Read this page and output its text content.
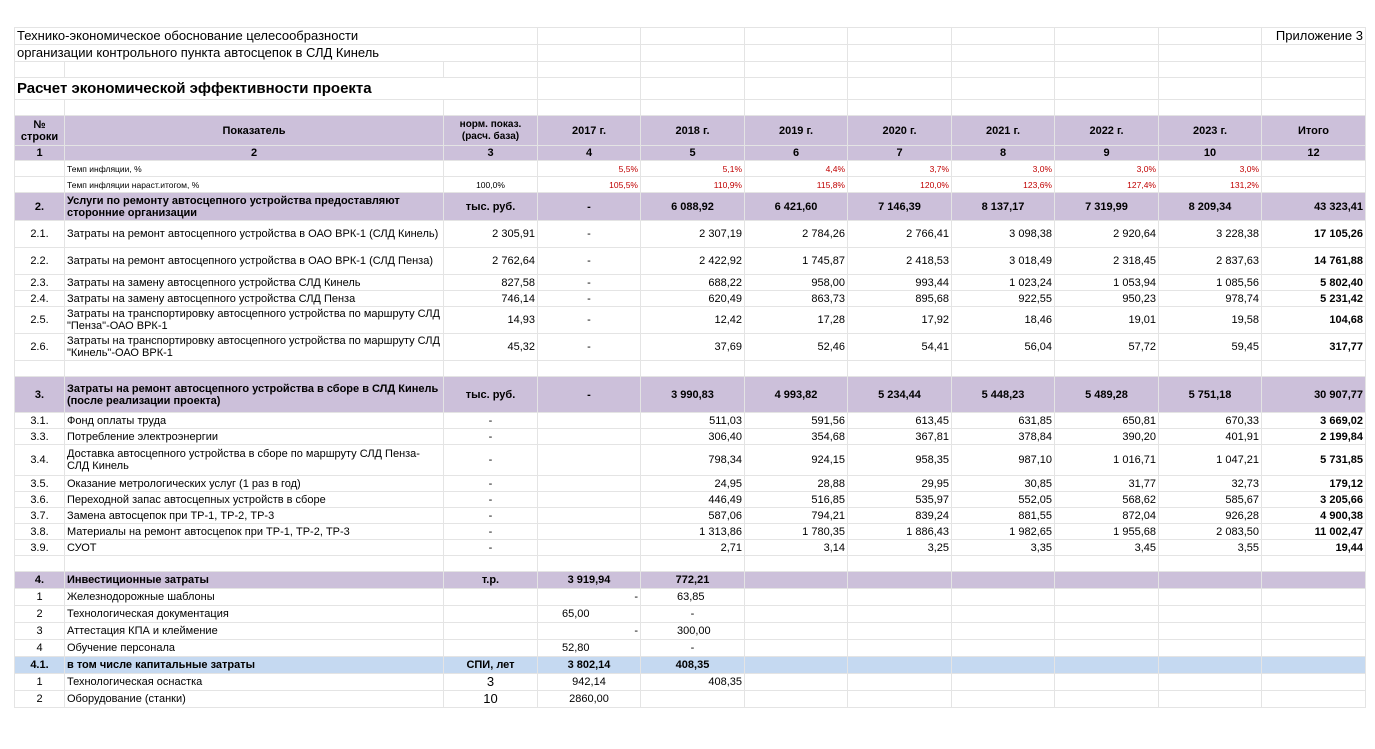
Технико-экономическое обоснование целесообразности										Приложение 3
организации контрольного пункта автосцепок в СЛД Кинель										

Расчет экономической эффективности проекта										

№ строки	Показатель	норм. показ. (расч. база)	2017 г.	2018 г.	2019 г.	2020 г.	2021 г.	2022 г.	2023 г.	Итого
1	2	3	4	5	6	7	8	9	10	12
	Темп инфляции, %		5,5%	5,1%	4,4%	3,7%	3,0%	3,0%	3,0%	
	Темп инфляции нараст.итогом, %	100,0%	105,5%	110,9%	115,8%	120,0%	123,6%	127,4%	131,2%	
2.	Услуги по ремонту автосцепного устройства предоставляют сторонние организации	тыс. руб.	-	6 088,92	6 421,60	7 146,39	8 137,17	7 319,99	8 209,34	43 323,41
2.1.	Затраты на ремонт автосцепного устройства в ОАО ВРК-1 (СЛД Кинель)	2 305,91	-	2 307,19	2 784,26	2 766,41	3 098,38	2 920,64	3 228,38	17 105,26
2.2.	Затраты на ремонт автосцепного устройства в ОАО ВРК-1 (СЛД Пенза)	2 762,64	-	2 422,92	1 745,87	2 418,53	3 018,49	2 318,45	2 837,63	14 761,88
2.3.	Затраты на замену автосцепного устройства СЛД Кинель	827,58	-	688,22	958,00	993,44	1 023,24	1 053,94	1 085,56	5 802,40
2.4.	Затраты на замену автосцепного устройства СЛД Пенза	746,14	-	620,49	863,73	895,68	922,55	950,23	978,74	5 231,42
2.5.	Затраты на транспортировку автосцепного устройства по маршруту СЛД "Пенза"-ОАО ВРК-1	14,93	-	12,42	17,28	17,92	18,46	19,01	19,58	104,68
2.6.	Затраты на транспортировку автосцепного устройства по маршруту СЛД "Кинель"-ОАО ВРК-1	45,32	-	37,69	52,46	54,41	56,04	57,72	59,45	317,77

3.	Затраты на ремонт автосцепного устройства в сборе в СЛД Кинель (после реализации проекта)	тыс. руб.	-	3 990,83	4 993,82	5 234,44	5 448,23	5 489,28	5 751,18	30 907,77
3.1.	Фонд оплаты труда	-		511,03	591,56	613,45	631,85	650,81	670,33	3 669,02
3.3.	Потребление электроэнергии	-		306,40	354,68	367,81	378,84	390,20	401,91	2 199,84
3.4.	Доставка автосцепного устройства в сборе по маршруту СЛД Пенза-СЛД Кинель	-		798,34	924,15	958,35	987,10	1 016,71	1 047,21	5 731,85
3.5.	Оказание метрологических услуг (1 раз в год)	-		24,95	28,88	29,95	30,85	31,77	32,73	179,12
3.6.	Переходной запас автосцепных устройств в сборе	-		446,49	516,85	535,97	552,05	568,62	585,67	3 205,66
3.7.	Замена автосцепок при ТР-1, ТР-2, ТР-3	-		587,06	794,21	839,24	881,55	872,04	926,28	4 900,38
3.8.	Материалы на ремонт автосцепок при ТР-1, ТР-2, ТР-3	-		1 313,86	1 780,35	1 886,43	1 982,65	1 955,68	2 083,50	11 002,47
3.9.	СУОТ	-		2,71	3,14	3,25	3,35	3,45	3,55	19,44

4.	Инвестиционные затраты	т.р.	3 919,94	772,21						
1	Железнодорожные шаблоны		-	63,85						
2	Технологическая документация		65,00	-						
3	Аттестация КПА и клеймение		-	300,00						
4	Обучение персонала		52,80	-						
4.1.	в том числе капитальные затраты	СПИ, лет	3 802,14	408,35						
1	Технологическая оснастка	3	942,14	408,35						
2	Оборудование (станки)	10	2860,00							
